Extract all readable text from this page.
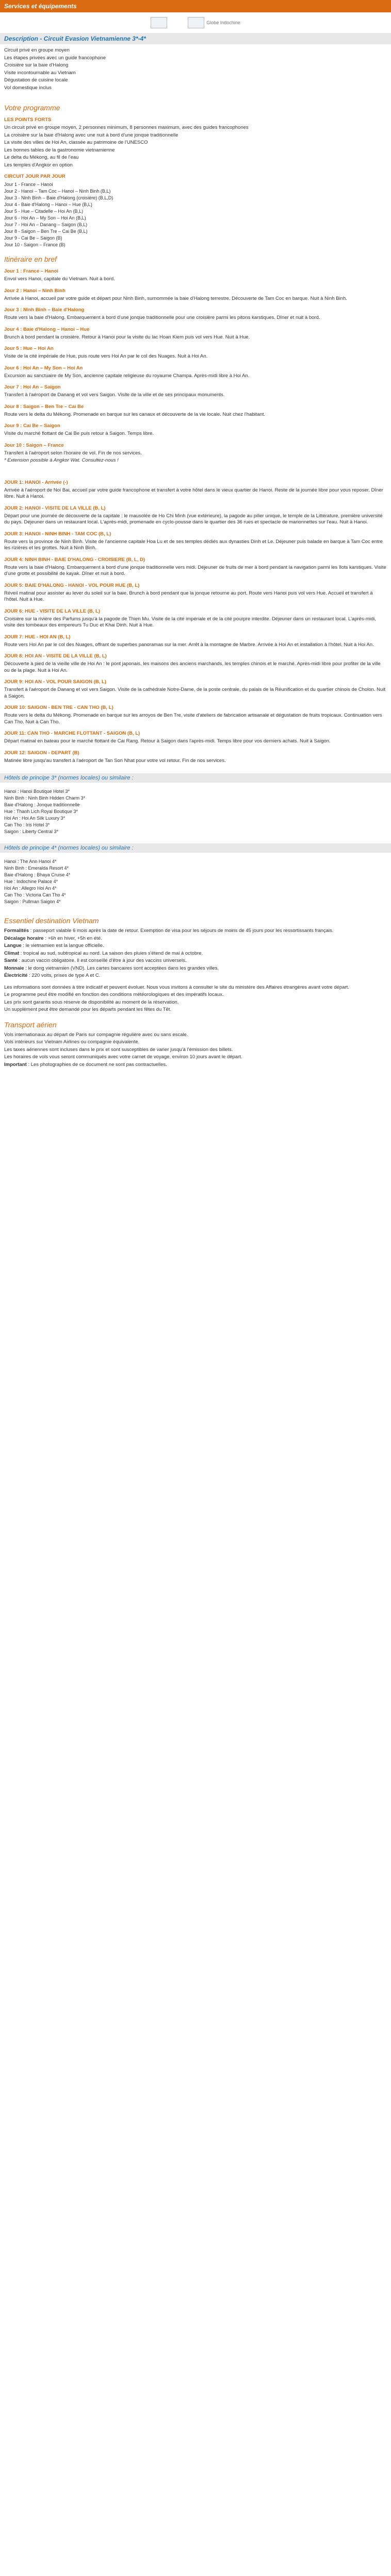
Services et équipements
Globe Indochine
Description - Circuit Evasion Vietnamienne 3*-4*

Circuit privé en groupe moyen

Les étapes privées avec un guide francophone

Croisière sur la baie d'Halong

Visite incontournable au Vietnam

Dégustation de cuisine locale

Vol domestique inclus

Votre programme
LES POINTS FORTS

Un circuit privé en groupe moyen, 2 personnes minimum, 8 personnes maximum, avec des guides francophones

La croisière sur la baie d'Halong avec une nuit à bord d'une jonque traditionnelle

La visite des villes de Hoi An, classée au patrimoine de l'UNESCO

Les bonnes tables de la gastronomie vietnamienne

Le delta du Mékong, au fil de l'eau

Les temples d'Angkor en option

CIRCUIT JOUR PAR JOUR

Jour 1 - France – Hanoi

Jour 2 - Hanoi – Tam Coc – Hanoi – Ninh Binh (B,L)

Jour 3 - Ninh Binh – Baie d'Halong (croisière) (B,L,D)

Jour 4 - Baie d'Halong – Hanoi – Hue (B,L)

Jour 5 - Hue – Citadelle – Hoi An (B,L)

Jour 6 - Hoi An – My Son – Hoi An (B,L)

Jour 7 - Hoi An – Danang – Saigon (B,L)

Jour 8 - Saigon – Ben Tre – Cai Be (B,L)

Jour 9 - Cai Be – Saigon (B)

Jour 10 - Saigon – France (B)

Itinéraire en bref
Jour 1 : France – Hanoi

Envol vers Hanoi, capitale du Vietnam. Nuit à bord.

Jour 2 : Hanoi – Ninh Binh

Arrivée à Hanoi, accueil par votre guide et départ pour Ninh Binh, surnommée la baie d'Halong terrestre. Découverte de Tam Coc en barque. Nuit à Ninh Binh.

Jour 3 : Ninh Binh – Baie d'Halong

Route vers la baie d'Halong. Embarquement à bord d'une jonque traditionnelle pour une croisière parmi les pitons karstiques. Dîner et nuit à bord.

Jour 4 : Baie d'Halong – Hanoi – Hue

Brunch à bord pendant la croisière. Retour à Hanoi pour la visite du lac Hoan Kiem puis vol vers Hue. Nuit à Hue.

Jour 5 : Hue – Hoi An

Visite de la cité impériale de Hue, puis route vers Hoi An par le col des Nuages. Nuit à Hoi An.

Jour 6 : Hoi An – My Son – Hoi An

Excursion au sanctuaire de My Son, ancienne capitale religieuse du royaume Champa. Après-midi libre à Hoi An.

Jour 7 : Hoi An – Saigon

Transfert à l'aéroport de Danang et vol vers Saigon. Visite de la ville et de ses principaux monuments.

Jour 8 : Saigon – Ben Tre – Cai Be

Route vers le delta du Mékong. Promenade en barque sur les canaux et découverte de la vie locale. Nuit chez l'habitant.

Jour 9 : Cai Be – Saigon

Visite du marché flottant de Cai Be puis retour à Saigon. Temps libre.

Jour 10 : Saigon – France

Transfert à l'aéroport selon l'horaire de vol. Fin de nos services.

* Extension possible à Angkor Wat. Consultez-nous !

JOUR 1: HANOI - Arrivée (-)

Arrivée à l'aéroport de Noi Bai, accueil par votre guide francophone et transfert à votre hôtel dans le vieux quartier de Hanoi. Reste de la journée libre pour vous reposer. Dîner libre. Nuit à Hanoi.

JOUR 2: HANOI - VISITE DE LA VILLE (B, L)

Départ pour une journée de découverte de la capitale : le mausolée de Ho Chi Minh (vue extérieure), la pagode au pilier unique, le temple de la Littérature, première université du pays. Déjeuner dans un restaurant local. L'après-midi, promenade en cyclo-pousse dans le quartier des 36 rues et spectacle de marionnettes sur l'eau. Nuit à Hanoi.

JOUR 3: HANOI - NINH BINH - TAM COC (B, L)

Route vers la province de Ninh Binh. Visite de l'ancienne capitale Hoa Lu et de ses temples dédiés aux dynasties Dinh et Le. Déjeuner puis balade en barque à Tam Coc entre les rizières et les grottes. Nuit à Ninh Binh.

JOUR 4: NINH BINH - BAIE D'HALONG - CROISIERE (B, L, D)

Route vers la baie d'Halong. Embarquement à bord d'une jonque traditionnelle vers midi. Déjeuner de fruits de mer à bord pendant la navigation parmi les îlots karstiques. Visite d'une grotte et possibilité de kayak. Dîner et nuit à bord.

JOUR 5: BAIE D'HALONG - HANOI - VOL POUR HUE (B, L)

Réveil matinal pour assister au lever du soleil sur la baie. Brunch à bord pendant que la jonque retourne au port. Route vers Hanoi puis vol vers Hue. Accueil et transfert à l'hôtel. Nuit à Hue.

JOUR 6: HUE - VISITE DE LA VILLE (B, L)

Croisière sur la rivière des Parfums jusqu'à la pagode de Thien Mu. Visite de la cité impériale et de la cité pourpre interdite. Déjeuner dans un restaurant local. L'après-midi, visite des tombeaux des empereurs Tu Duc et Khai Dinh. Nuit à Hue.

JOUR 7: HUE - HOI AN (B, L)

Route vers Hoi An par le col des Nuages, offrant de superbes panoramas sur la mer. Arrêt à la montagne de Marbre. Arrivée à Hoi An et installation à l'hôtel. Nuit à Hoi An.

JOUR 8: HOI AN - VISITE DE LA VILLE (B, L)

Découverte à pied de la vieille ville de Hoi An : le pont japonais, les maisons des anciens marchands, les temples chinois et le marché. Après-midi libre pour profiter de la ville ou de la plage. Nuit à Hoi An.

JOUR 9: HOI AN - VOL POUR SAIGON (B, L)

Transfert à l'aéroport de Danang et vol vers Saigon. Visite de la cathédrale Notre-Dame, de la poste centrale, du palais de la Réunification et du quartier chinois de Cholon. Nuit à Saigon.

JOUR 10: SAIGON - BEN TRE - CAN THO (B, L)

Route vers le delta du Mékong. Promenade en barque sur les arroyos de Ben Tre, visite d'ateliers de fabrication artisanale et dégustation de fruits tropicaux. Continuation vers Can Tho. Nuit à Can Tho.

JOUR 11: CAN THO - MARCHE FLOTTANT - SAIGON (B, L)

Départ matinal en bateau pour le marché flottant de Cai Rang. Retour à Saigon dans l'après-midi. Temps libre pour vos derniers achats. Nuit à Saigon.

JOUR 12: SAIGON - DEPART (B)

Matinée libre jusqu'au transfert à l'aéroport de Tan Son Nhat pour votre vol retour. Fin de nos services.

Hôtels de principe 3* (normes locales) ou similaire :

Hanoi : Hanoi Boutique Hotel 3*

Ninh Binh : Ninh Binh Hidden Charm 3*

Baie d'Halong : Jonque traditionnelle

Hue : Thanh Lich Royal Boutique 3*

Hoi An : Hoi An Silk Luxury 3*

Can Tho : Iris Hotel 3*

Saigon : Liberty Central 3*

Hôtels de principe 4* (normes locales) ou similaire :

Hanoi : The Ann Hanoi 4*

Ninh Binh : Emeralda Resort 4*

Baie d'Halong : Bhaya Cruise 4*

Hue : Indochine Palace 4*

Hoi An : Allegro Hoi An 4*

Can Tho : Victoria Can Tho 4*

Saigon : Pullman Saigon 4*

Essentiel destination Vietnam

Formalités : passeport valable 6 mois après la date de retour. Exemption de visa pour les séjours de moins de 45 jours pour les ressortissants français.

Décalage horaire : +6h en hiver, +5h en été.

Langue : le vietnamien est la langue officielle.

Climat : tropical au sud, subtropical au nord. La saison des pluies s'étend de mai à octobre.

Santé : aucun vaccin obligatoire. Il est conseillé d'être à jour des vaccins universels.

Monnaie : le dong vietnamien (VND). Les cartes bancaires sont acceptées dans les grandes villes.

Électricité : 220 volts, prises de type A et C.

Les informations sont données à titre indicatif et peuvent évoluer. Nous vous invitons à consulter le site du ministère des Affaires étrangères avant votre départ.

Le programme peut être modifié en fonction des conditions météorologiques et des impératifs locaux.

Les prix sont garantis sous réserve de disponibilité au moment de la réservation.

Un supplément peut être demandé pour les départs pendant les fêtes du Têt.

Transport aérien

Vols internationaux au départ de Paris sur compagnie régulière avec ou sans escale.

Vols intérieurs sur Vietnam Airlines ou compagnie équivalente.

Les taxes aériennes sont incluses dans le prix et sont susceptibles de varier jusqu'à l'émission des billets.

Les horaires de vols vous seront communiqués avec votre carnet de voyage, environ 10 jours avant le départ.

Important : Les photographies de ce document ne sont pas contractuelles.
